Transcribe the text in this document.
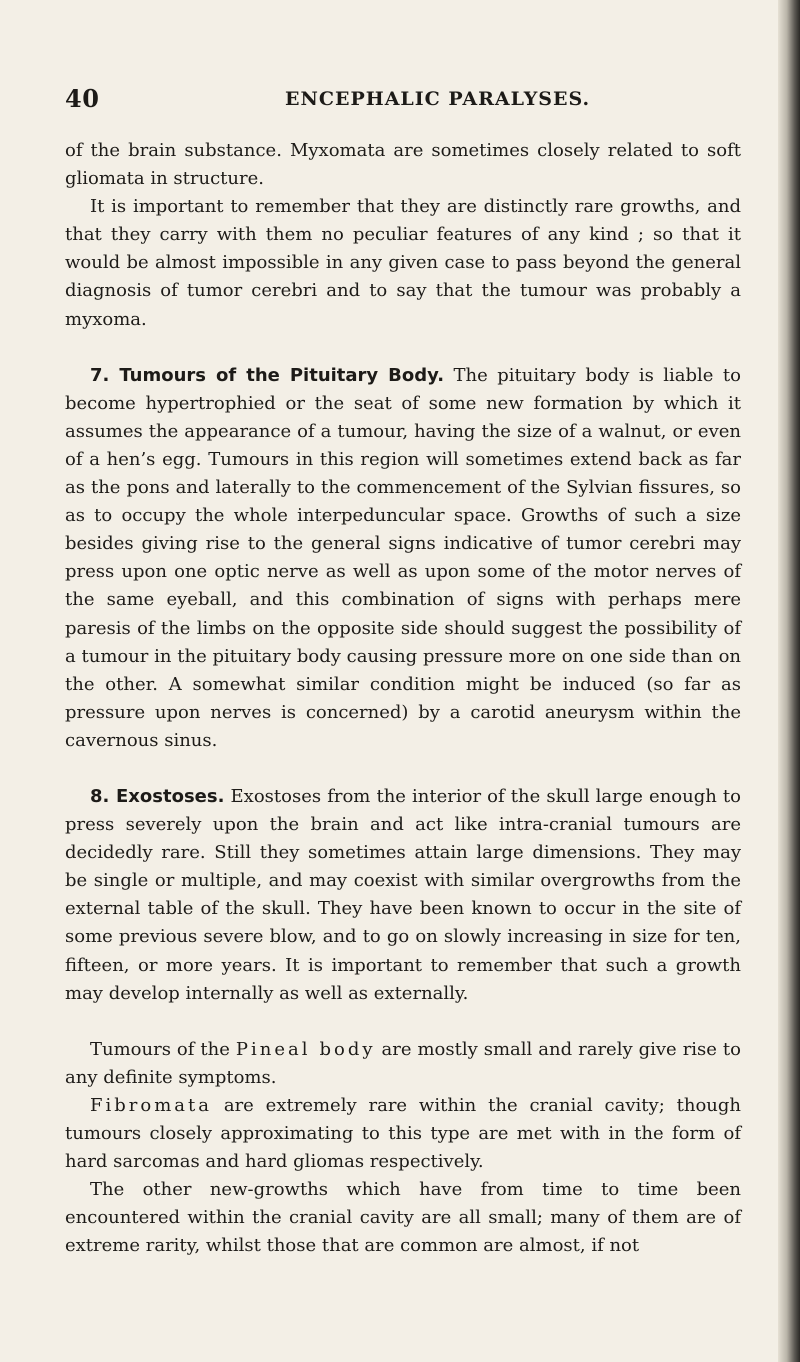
40	ENCEPHALIC PARALYSES.

of the brain substance. Myxomata are sometimes closely related to soft gliomata in structure.

It is important to remember that they are distinctly rare growths, and that they carry with them no peculiar features of any kind ; so that it would be almost impossible in any given case to pass beyond the general diagnosis of tumor cerebri and to say that the tumour was probably a myxoma.

7. Tumours of the Pituitary Body. The pituitary body is liable to become hypertrophied or the seat of some new formation by which it assumes the appearance of a tumour, having the size of a walnut, or even of a hen’s egg. Tumours in this region will sometimes extend back as far as the pons and laterally to the commencement of the Sylvian fissures, so as to occupy the whole interpeduncular space. Growths of such a size besides giving rise to the general signs indicative of tumor cerebri may press upon one optic nerve as well as upon some of the motor nerves of the same eyeball, and this combination of signs with perhaps mere paresis of the limbs on the opposite side should suggest the possibility of a tumour in the pituitary body causing pressure more on one side than on the other. A somewhat similar condition might be induced (so far as pressure upon nerves is concerned) by a carotid aneurysm within the cavernous sinus.

8. Exostoses. Exostoses from the interior of the skull large enough to press severely upon the brain and act like intra-cranial tumours are decidedly rare. Still they sometimes attain large dimensions. They may be single or multiple, and may coexist with similar overgrowths from the external table of the skull. They have been known to occur in the site of some previous severe blow, and to go on slowly increasing in size for ten, fifteen, or more years. It is important to remember that such a growth may develop internally as well as externally.

Tumours of the Pineal body are mostly small and rarely give rise to any definite symptoms.

Fibromata are extremely rare within the cranial cavity; though tumours closely approximating to this type are met with in the form of hard sarcomas and hard gliomas respectively.

The other new-growths which have from time to time been encountered within the cranial cavity are all small; many of them are of extreme rarity, whilst those that are common are almost, if not
